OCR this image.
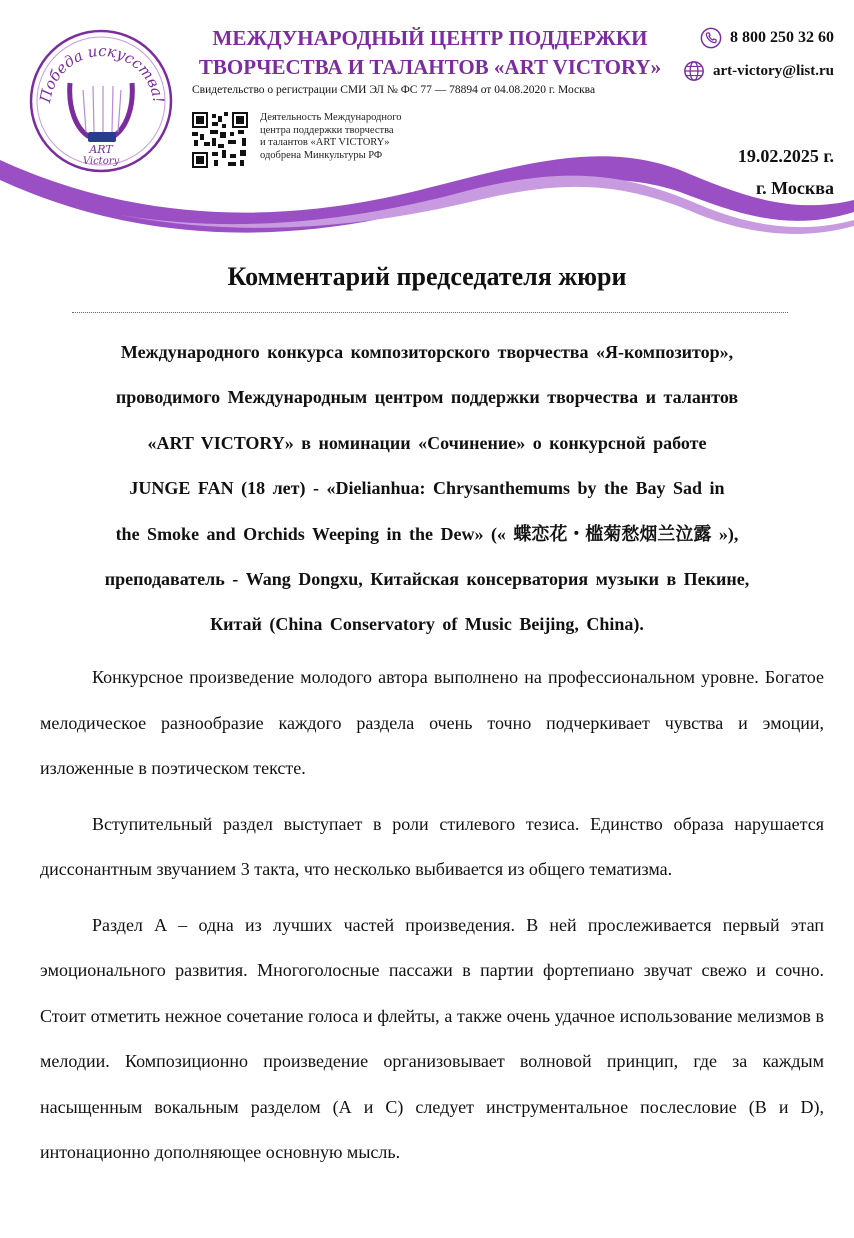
Победа искусства!
ART
Victory
МЕЖДУНАРОДНЫЙ ЦЕНТР ПОДДЕРЖКИ
ТВОРЧЕСТВА И ТАЛАНТОВ «ART VICTORY»
Свидетельство о регистрации СМИ ЭЛ № ФС 77 — 78894 от 04.08.2020 г. Москва
Деятельность Международного
центра поддержки творчества
и талантов «ART VICTORY»
одобрена Минкультуры РФ
8 800 250 32 60
art-victory@list.ru
19.02.2025 г.
г. Москва
Комментарий председателя жюри
Международного конкурса композиторского творчества «Я-композитор»,
проводимого Международным центром поддержки творчества и талантов
«ART VICTORY» в номинации «Сочинение» о конкурсной работе
JUNGE FAN (18 лет) - «Dielianhua: Chrysanthemums by the Bay Sad in
the Smoke and Orchids Weeping in the Dew» (« 蝶恋花・槛菊愁烟兰泣露 »),
преподаватель - Wang Dongxu, Китайская консерватория музыки в Пекине,
Китай (China Conservatory of Music Beijing, China).

Конкурсное произведение молодого автора выполнено на профессиональном уровне. Богатое мелодическое разнообразие каждого раздела очень точно подчеркивает чувства и эмоции, изложенные в поэтическом тексте.

Вступительный раздел выступает в роли стилевого тезиса. Единство образа нарушается диссонантным звучанием 3 такта, что несколько выбивается из общего тематизма.

Раздел А – одна из лучших частей произведения. В ней прослеживается первый этап эмоционального развития. Многоголосные пассажи в партии фортепиано звучат свежо и сочно. Стоит отметить нежное сочетание голоса и флейты, а также очень удачное использование мелизмов в мелодии. Композиционно произведение организовывает волновой принцип, где за каждым насыщенным вокальным разделом (А и С) следует инструментальное послесловие (В и D), интонационно дополняющее основную мысль.
